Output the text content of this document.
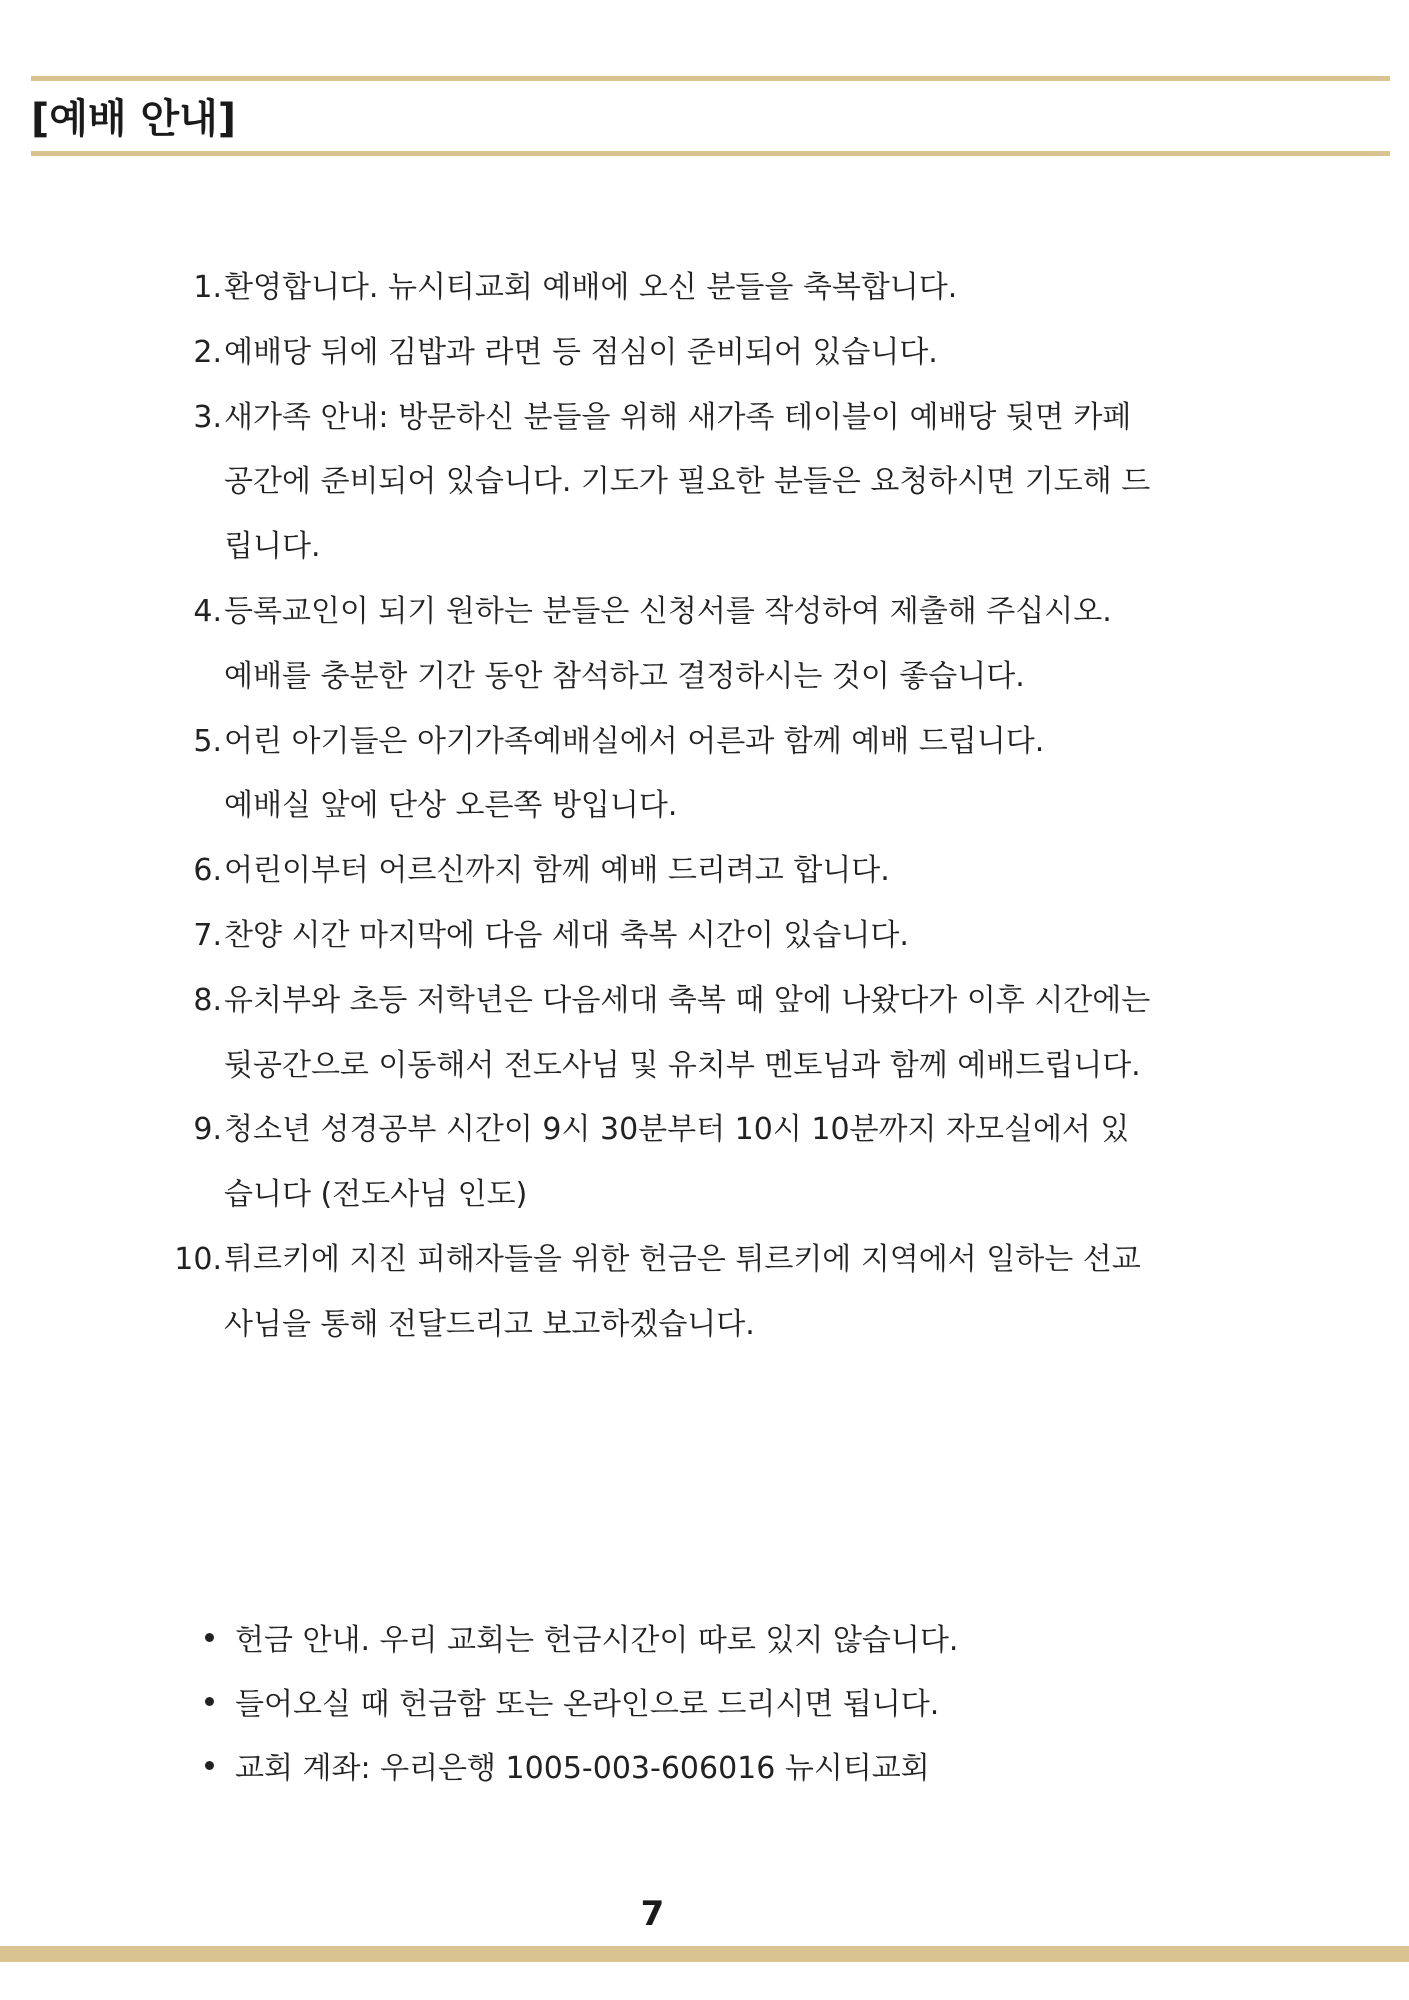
[예배 안내]
1. 환영합니다. 뉴시티교회 예배에 오신 분들을 축복합니다.
2. 예배당 뒤에 김밥과 라면 등 점심이 준비되어 있습니다.
3. 새가족 안내: 방문하신 분들을 위해 새가족 테이블이 예배당 뒷면 카페
공간에 준비되어 있습니다. 기도가 필요한 분들은 요청하시면 기도해 드
립니다.
4. 등록교인이 되기 원하는 분들은 신청서를 작성하여 제출해 주십시오.
예배를 충분한 기간 동안 참석하고 결정하시는 것이 좋습니다.
5. 어린 아기들은 아기가족예배실에서 어른과 함께 예배 드립니다.
예배실 앞에 단상 오른쪽 방입니다.
6. 어린이부터 어르신까지 함께 예배 드리려고 합니다.
7. 찬양 시간 마지막에 다음 세대 축복 시간이 있습니다.
8. 유치부와 초등 저학년은 다음세대 축복 때 앞에 나왔다가 이후 시간에는
뒷공간으로 이동해서 전도사님 및 유치부 멘토님과 함께 예배드립니다.
9. 청소년 성경공부 시간이 9시 30분부터 10시 10분까지 자모실에서 있
습니다 (전도사님 인도)
10. 튀르키에 지진 피해자들을 위한 헌금은 튀르키에 지역에서 일하는 선교
사님을 통해 전달드리고 보고하겠습니다.
헌금 안내. 우리 교회는 헌금시간이 따로 있지 않습니다.
들어오실 때 헌금함 또는 온라인으로 드리시면 됩니다.
교회 계좌: 우리은행 1005-003-606016 뉴시티교회
7
